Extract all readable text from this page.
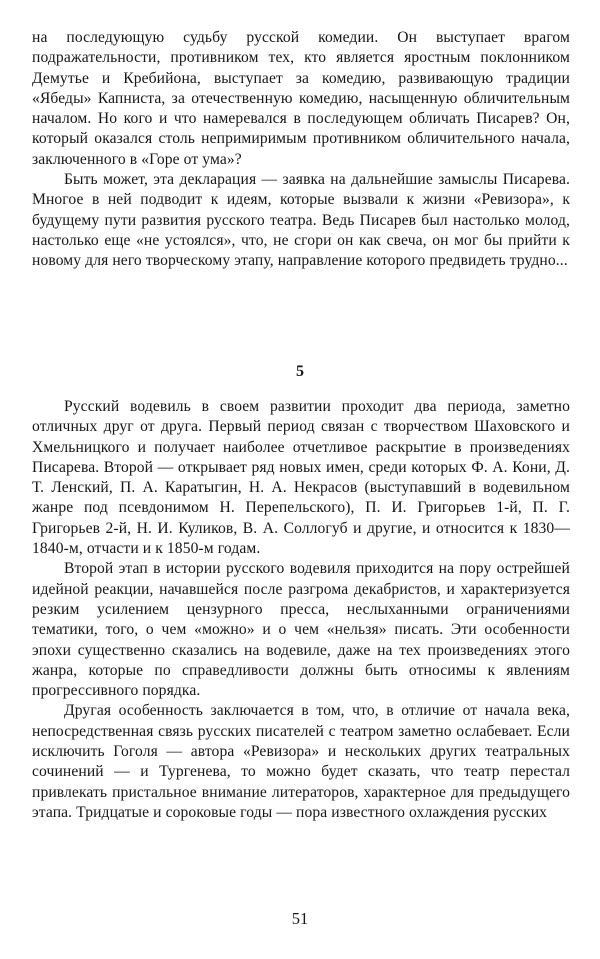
на последующую судьбу русской комедии. Он выступает врагом подражательности, противником тех, кто является яростным поклонником Демутье и Кребийона, выступает за комедию, развивающую традиции «Ябеды» Капниста, за отечественную комедию, насыщенную обличительным началом. Но кого и что намеревался в последующем обличать Писарев? Он, который оказался столь непримиримым противником обличительного начала, заключенного в «Горе от ума»?

Быть может, эта декларация — заявка на дальнейшие замыслы Писарева. Многое в ней подводит к идеям, которые вызвали к жизни «Ревизора», к будущему пути развития русского театра. Ведь Писарев был настолько молод, настолько еще «не устоялся», что, не сгори он как свеча, он мог бы прийти к новому для него творческому этапу, направление которого предвидеть трудно...

5

Русский водевиль в своем развитии проходит два периода, заметно отличных друг от друга. Первый период связан с творчеством Шаховского и Хмельницкого и получает наиболее отчетливое раскрытие в произведениях Писарева. Второй — открывает ряд новых имен, среди которых Ф. А. Кони, Д. Т. Ленский, П. А. Каратыгин, Н. А. Некрасов (выступавший в водевильном жанре под псевдонимом Н. Перепельского), П. И. Григорьев 1-й, П. Г. Григорьев 2-й, Н. И. Куликов, В. А. Соллогуб и другие, и относится к 1830—1840-м, отчасти и к 1850-м годам.

Второй этап в истории русского водевиля приходится на пору острейшей идейной реакции, начавшейся после разгрома декабристов, и характеризуется резким усилением цензурного пресса, неслыханными ограничениями тематики, того, о чем «можно» и о чем «нельзя» писать. Эти особенности эпохи существенно сказались на водевиле, даже на тех произведениях этого жанра, которые по справедливости должны быть относимы к явлениям прогрессивного порядка.

Другая особенность заключается в том, что, в отличие от начала века, непосредственная связь русских писателей с театром заметно ослабевает. Если исключить Гоголя — автора «Ревизора» и нескольких других театральных сочинений — и Тургенева, то можно будет сказать, что театр перестал привлекать пристальное внимание литераторов, характерное для предыдущего этапа. Тридцатые и сороковые годы — пора известного охлаждения русских

51
